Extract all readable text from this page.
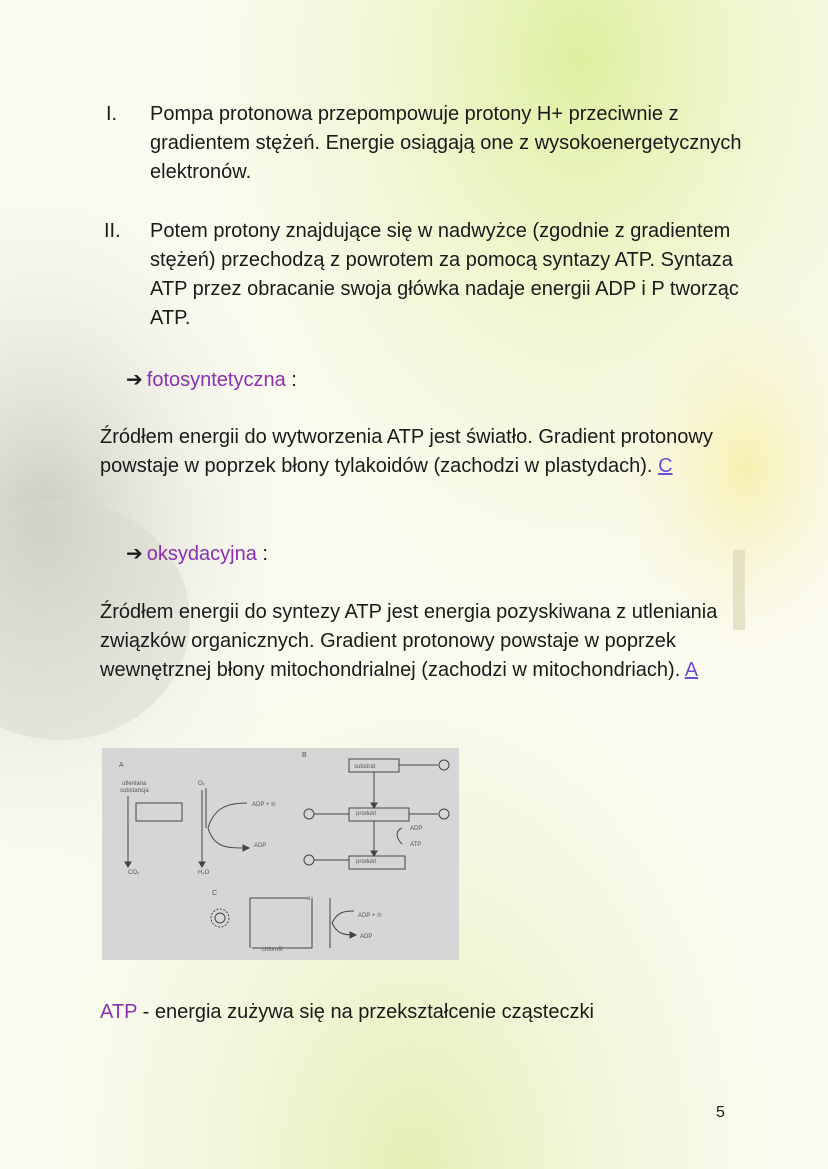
I.	Pompa protonowa przepompowuje protony H+ przeciwnie z gradientem stężeń. Energie osiągają one z wysokoenergetycznych elektronów.
II.	Potem protony znajdujące się w nadwyżce (zgodnie z gradientem stężeń) przechodzą z powrotem za pomocą syntazy ATP. Syntaza ATP przez obracanie swoja główka nadaje energii ADP i P tworząc ATP.
➔ fotosyntetyczna :
Źródłem energii do wytworzenia ATP jest światło. Gradient protonowy powstaje w poprzek błony tylakoidów (zachodzi w plastydach). C
➔ oksydacyjna :
Źródłem energii do syntezy ATP jest energia pozyskiwana z utleniania związków organicznych. Gradient protonowy powstaje w poprzek wewnętrznej błony mitochondrialnej (zachodzi w mitochondriach). A
A
B
C
utleniana
substancja
O₂
CO₂	H₂O
ADP + ℗
ADP
substrat
produkt
produkt
ADP
ATP
ADP + ℗
ADP
chlorofil
e⁻
ATP - energia zużywa się na przekształcenie cząsteczki
5
